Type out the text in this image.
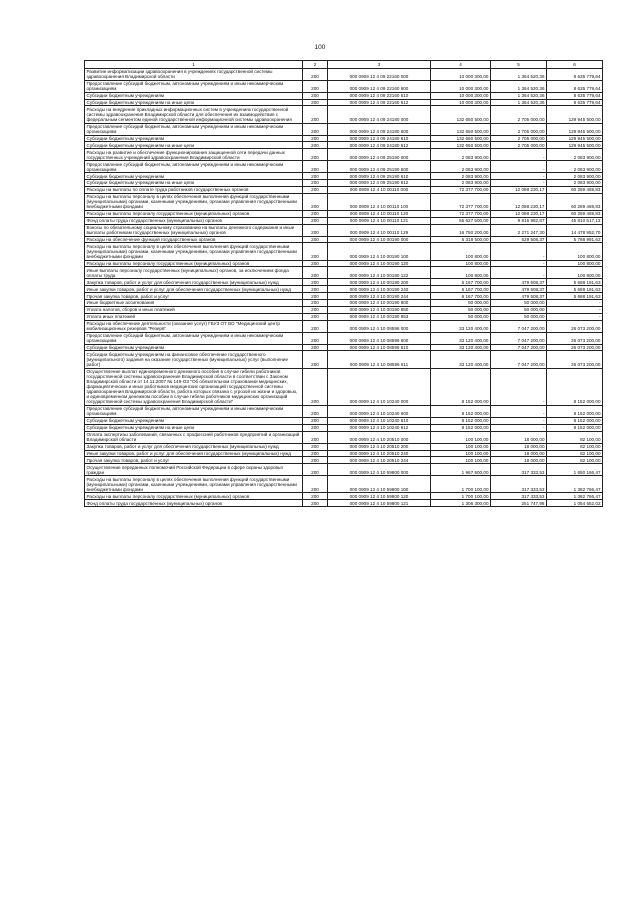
100
1	2	3	4	5	6
Развитие информатизации здравоохранения в учреждениях государственной системы здравоохранения Владимирской области	200	000 0909 12 4 09 22160 000	10 000 300,00	1 364 520,36	8 635 779,64
Предоставление субсидий бюджетным, автономным учреждениям и иным некоммерческим организациям	200	000 0909 12 4 09 22160 600	10 000 300,00	1 364 520,36	8 635 779,64
Субсидии бюджетным учреждениям	200	000 0909 12 4 09 22160 610	10 000 300,00	1 364 520,36	8 635 779,64
Субсидии бюджетным учреждениям на иные цели	200	000 0909 12 4 09 22160 612	10 000 300,00	1 364 520,36	8 635 779,64
Расходы на внедрение прикладных информационных систем в учреждениях государственной системы здравоохранения Владимирской области для обеспечения их взаимодействия с федеральным сегментом единой государственной информационной системы здравоохранения	200	000 0909 12 4 09 24180 000	132 650 500,00	2 705 000,00	129 945 500,00
Предоставление субсидий бюджетным, автономным учреждениям и иным некоммерческим организациям	200	000 0909 12 4 09 24180 600	132 650 500,00	2 705 000,00	129 945 500,00
Субсидии бюджетным учреждениям	200	000 0909 12 4 09 24180 610	132 650 500,00	2 705 000,00	129 945 500,00
Субсидии бюджетным учреждениям на иные цели	200	000 0909 12 4 09 24180 612	132 650 500,00	2 705 000,00	129 945 500,00
Расходы на развитие и обеспечение функционирования защищенной сети передачи данных государственных учреждений здравоохранения Владимирской области	200	000 0909 12 4 09 25190 000	2 083 900,00	-	2 083 900,00
Предоставление субсидий бюджетным, автономным учреждениям и иным некоммерческим организациям	200	000 0909 12 4 09 25190 600	2 083 900,00	-	2 083 900,00
Субсидии бюджетным учреждениям	200	000 0909 12 4 09 25190 610	2 083 900,00	-	2 083 900,00
Субсидии бюджетным учреждениям на иные цели	200	000 0909 12 4 09 25190 612	2 083 900,00	-	2 083 900,00
Расходы на выплаты по оплате труда работников государственных органов	200	000 0909 12 4 10 00110 000	72 377 700,00	12 088 230,17	60 289 469,83
Расходы на выплаты персоналу в целях обеспечения выполнения функций государственными (муниципальными) органами, казенными учреждениями, органами управления государственными внебюджетными фондами	200	000 0909 12 4 10 00110 100	72 377 700,00	12 088 230,17	60 289 469,83
Расходы на выплаты персоналу государственных (муниципальных) органов	200	000 0909 12 4 10 00110 120	72 377 700,00	12 088 230,17	60 289 469,83
Фонд оплаты труда государственных (муниципальных) органов	200	000 0909 12 4 10 00110 121	55 627 500,00	9 816 982,87	45 810 517,13
Взносы по обязательному социальному страхованию на выплаты денежного содержания и иные выплаты работникам государственных (муниципальных) органов	200	000 0909 12 4 10 00110 129	16 750 200,00	2 271 247,30	14 478 952,70
Расходы на обеспечение функций государственных органов	200	000 0909 12 4 10 00190 000	6 318 500,00	529 508,37	5 788 991,63
Расходы на выплаты персоналу в целях обеспечения выполнения функций государственными (муниципальными) органами, казенными учреждениями, органами управления государственными внебюджетными фондами	200	000 0909 12 4 10 00190 100	100 800,00	-	100 800,00
Расходы на выплаты персоналу государственных (муниципальных) органов	200	000 0909 12 4 10 00190 120	100 800,00	-	100 800,00
Иные выплаты персоналу государственных (муниципальных) органов, за исключением фонда оплаты труда	200	000 0909 12 4 10 00190 122	100 800,00	-	100 800,00
Закупка товаров, работ и услуг для обеспечения государственных (муниципальных) нужд	200	000 0909 12 4 10 00190 200	6 167 700,00	479 508,37	5 688 191,63
Иные закупки товаров, работ и услуг для обеспечения государственных (муниципальных) нужд	200	000 0909 12 4 10 00190 240	6 167 700,00	479 508,37	5 688 191,63
Прочая закупка товаров, работ и услуг	200	000 0909 12 4 10 00190 244	6 167 700,00	479 508,37	5 688 191,63
Иные бюджетные ассигнования	200	000 0909 12 4 10 00190 800	50 000,00	50 000,00	-
Уплата налогов, сборов и иных платежей	200	000 0909 12 4 10 00190 850	50 000,00	50 000,00	-
Уплата иных платежей	200	000 0909 12 4 10 00190 853	50 000,00	50 000,00	-
Расходы на обеспечение деятельности (оказание услуг) ГБУЗ ОТ ВО "Медицинский центр мобилизационных резервов "Резерв"	200	000 0909 12 4 10 08596 000	33 120 400,00	7 047 200,00	26 073 200,00
Предоставление субсидий бюджетным, автономным учреждениям и иным некоммерческим организациям	200	000 0909 12 4 10 08596 600	33 120 400,00	7 047 200,00	26 073 200,00
Субсидии бюджетным учреждениям	200	000 0909 12 4 10 08596 610	33 120 400,00	7 047 200,00	26 073 200,00
Субсидии бюджетным учреждениям на финансовое обеспечение государственного (муниципального) задания на оказание государственных (муниципальных) услуг (выполнение работ)	200	000 0909 12 4 10 08596 611	33 120 400,00	7 047 200,00	26 073 200,00
Осуществление выплат единовременного денежного пособия в случае гибели работников государственной системы здравоохранения Владимирской области в соответствии с Законом Владимирской области от 14.11.2007 № 149-ОЗ "Об обязательном страховании медицинских, фармацевтических и иных работников медицинских организаций государственной системы здравоохранения Владимирской области, работа которых связана с угрозой их жизни и здоровью, и единовременном денежном пособии в случае гибели работников медицинских организаций государственной системы здравоохранения Владимирской области"	200	000 0909 12 4 10 10240 000	8 152 000,00	-	8 152 000,00
Предоставление субсидий бюджетным, автономным учреждениям и иным некоммерческим организациям	200	000 0909 12 4 10 10240 600	8 152 000,00	-	8 152 000,00
Субсидии бюджетным учреждениям	200	000 0909 12 4 10 10240 610	8 152 000,00	-	8 152 000,00
Субсидии бюджетным учреждениям на иные цели	200	000 0909 12 4 10 10240 612	8 152 000,00	-	8 152 000,00
Оплата экспертизы заболеваний, связанных с профессией работников предприятий и организаций Владимирской области	200	000 0909 12 4 10 20510 000	100 100,00	18 000,00	82 100,00
Закупка товаров, работ и услуг для обеспечения государственных (муниципальных) нужд	200	000 0909 12 4 10 20510 200	100 100,00	18 000,00	82 100,00
Иные закупки товаров, работ и услуг для обеспечения государственных (муниципальных) нужд	200	000 0909 12 4 10 20510 240	100 100,00	18 000,00	82 100,00
Прочая закупка товаров, работ и услуг	200	000 0909 12 4 10 20510 244	100 100,00	18 000,00	82 100,00
Осуществление переданных полномочий Российской Федерации в сфере охраны здоровья граждан	200	000 0909 12 4 10 59800 000	1 967 500,00	317 333,53	1 650 166,47
Расходы на выплаты персоналу в целях обеспечения выполнения функций государственными (муниципальными) органами, казенными учреждениями, органами управления государственными внебюджетными фондами	200	000 0909 12 4 10 59800 100	1 700 100,00	317 333,53	1 382 766,47
Расходы на выплаты персоналу государственных (муниципальных) органов	200	000 0909 12 4 10 59800 120	1 700 100,00	317 333,53	1 382 766,47
Фонд оплаты труда государственных (муниципальных) органов	200	000 0909 12 4 10 59800 121	1 306 300,00	251 747,98	1 054 552,02
